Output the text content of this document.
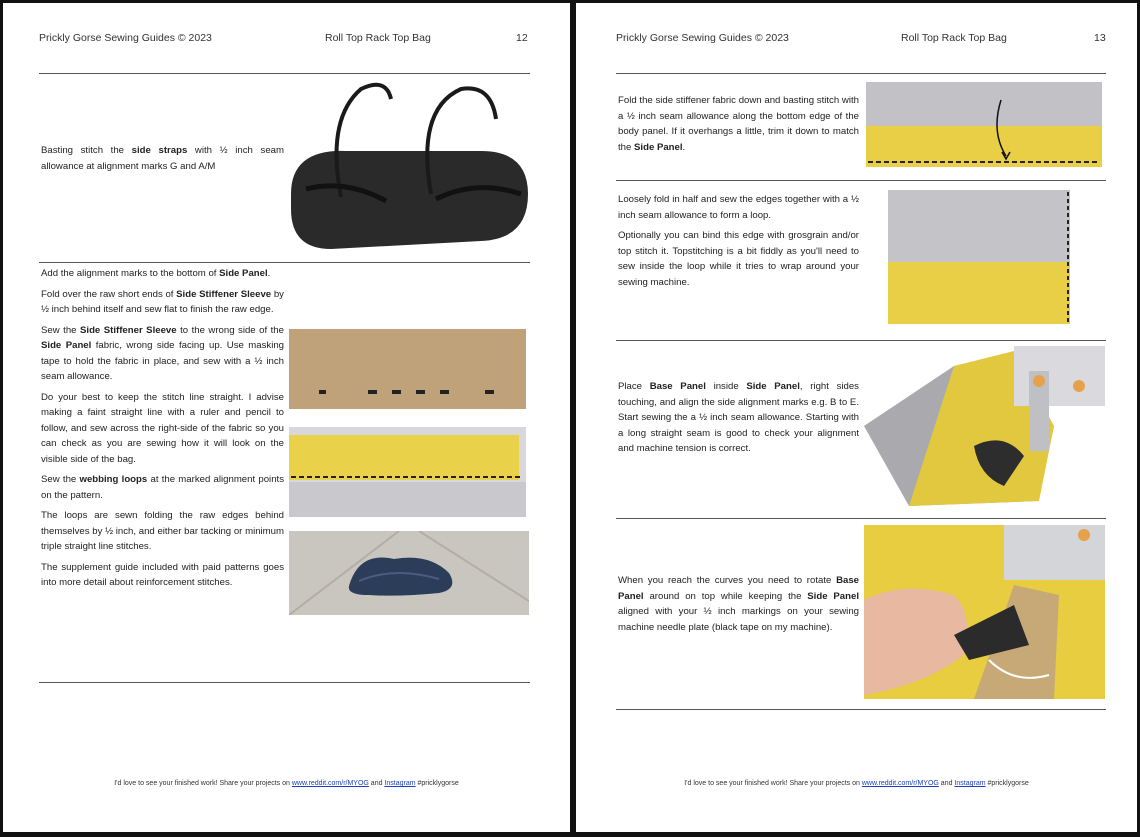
Prickly Gorse Sewing Guides © 2023	Roll Top Rack Top Bag	12
Basting stitch the side straps with ½ inch seam allowance at alignment marks G and A/M

Add the alignment marks to the bottom of Side Panel.

Fold over the raw short ends of Side Stiffener Sleeve by ½ inch behind itself and sew flat to finish the raw edge.

Sew the Side Stiffener Sleeve to the wrong side of the Side Panel fabric, wrong side facing up. Use masking tape to hold the fabric in place, and sew with a ½ inch seam allowance.

Do your best to keep the stitch line straight. I advise making a faint straight line with a ruler and pencil to follow, and sew across the right-side of the fabric so you can check as you are sewing how it will look on the visible side of the bag.

Sew the webbing loops at the marked alignment points on the pattern.

The loops are sewn folding the raw edges behind themselves by ½ inch, and either bar tacking or minimum triple straight line stitches.

The supplement guide included with paid patterns goes into more detail about reinforcement stitches.

I'd love to see your finished work! Share your projects on www.reddit.com/r/MYOG and Instagram #pricklygorse
Prickly Gorse Sewing Guides © 2023	Roll Top Rack Top Bag	13
Fold the side stiffener fabric down and basting stitch with a ½ inch seam allowance along the bottom edge of the body panel. If it overhangs a little, trim it down to match the Side Panel.

Loosely fold in half and sew the edges together with a ½ inch seam allowance to form a loop.

Optionally you can bind this edge with grosgrain and/or top stitch it. Topstitching is a bit fiddly as you'll need to sew inside the loop while it tries to wrap around your sewing machine.

Place Base Panel inside Side Panel, right sides touching, and align the side alignment marks e.g. B to E. Start sewing the a ½ inch seam allowance. Starting with a long straight seam is good to check your alignment and machine tension is correct.
When you reach the curves you need to rotate Base Panel around on top while keeping the Side Panel aligned with your ½ inch markings on your sewing machine needle plate (black tape on my machine).
I'd love to see your finished work! Share your projects on www.reddit.com/r/MYOG and Instagram #pricklygorse
